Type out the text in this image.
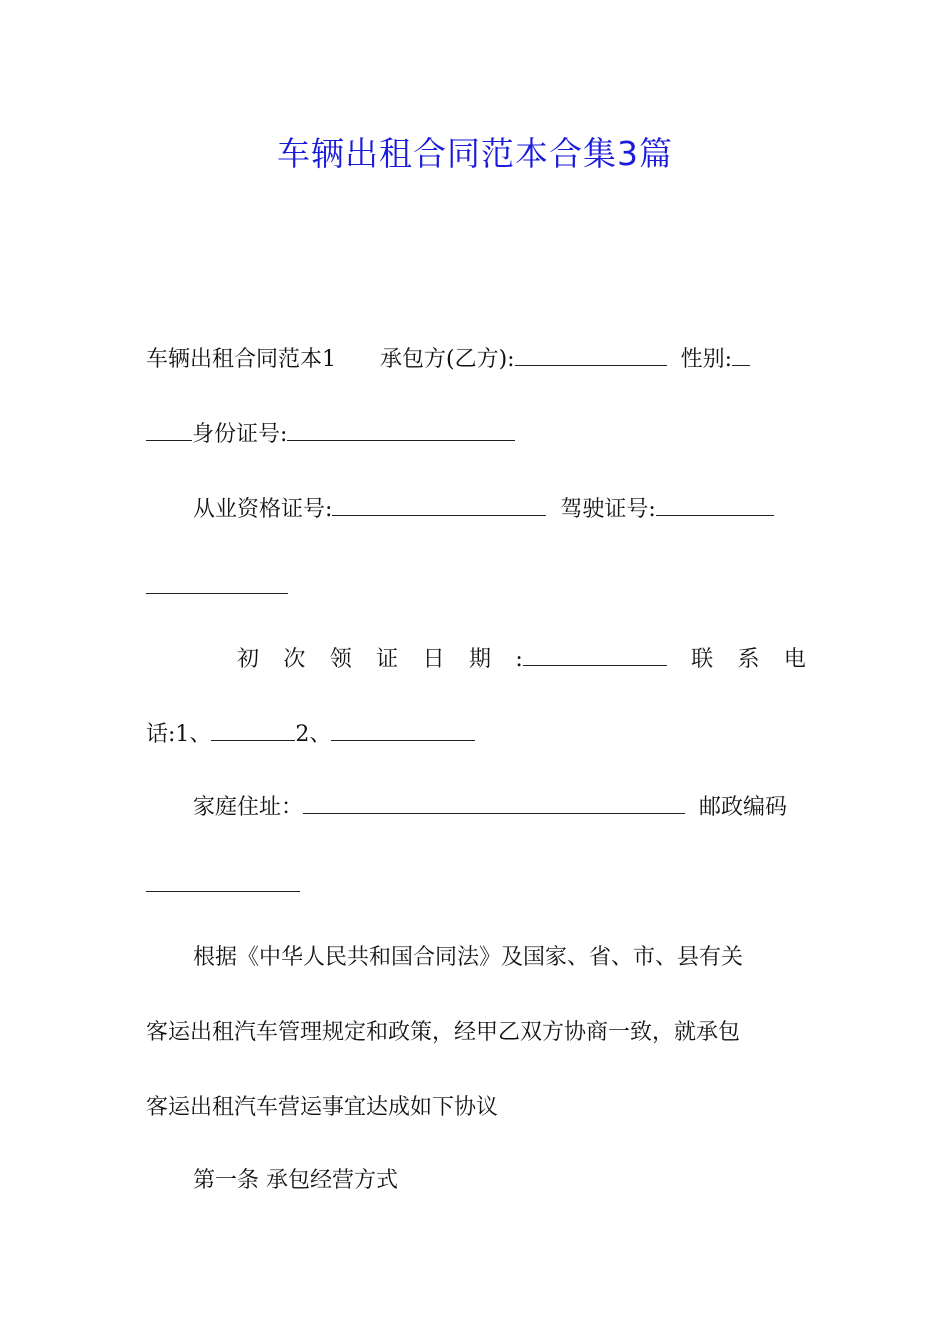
车辆出租合同范本合集3篇
车辆出租合同范本1 承包方(乙方):	性别:
身份证号:
从业资格证号:	驾驶证号:
初 次 领 证 日 期 :	联 系 电
话:1、	2、
家庭住址：	邮政编码
根据《中华人民共和国合同法》及国家、省、市、县有关
客运出租汽车管理规定和政策，经甲乙双方协商一致，就承包
客运出租汽车营运事宜达成如下协议
第一条 承包经营方式
